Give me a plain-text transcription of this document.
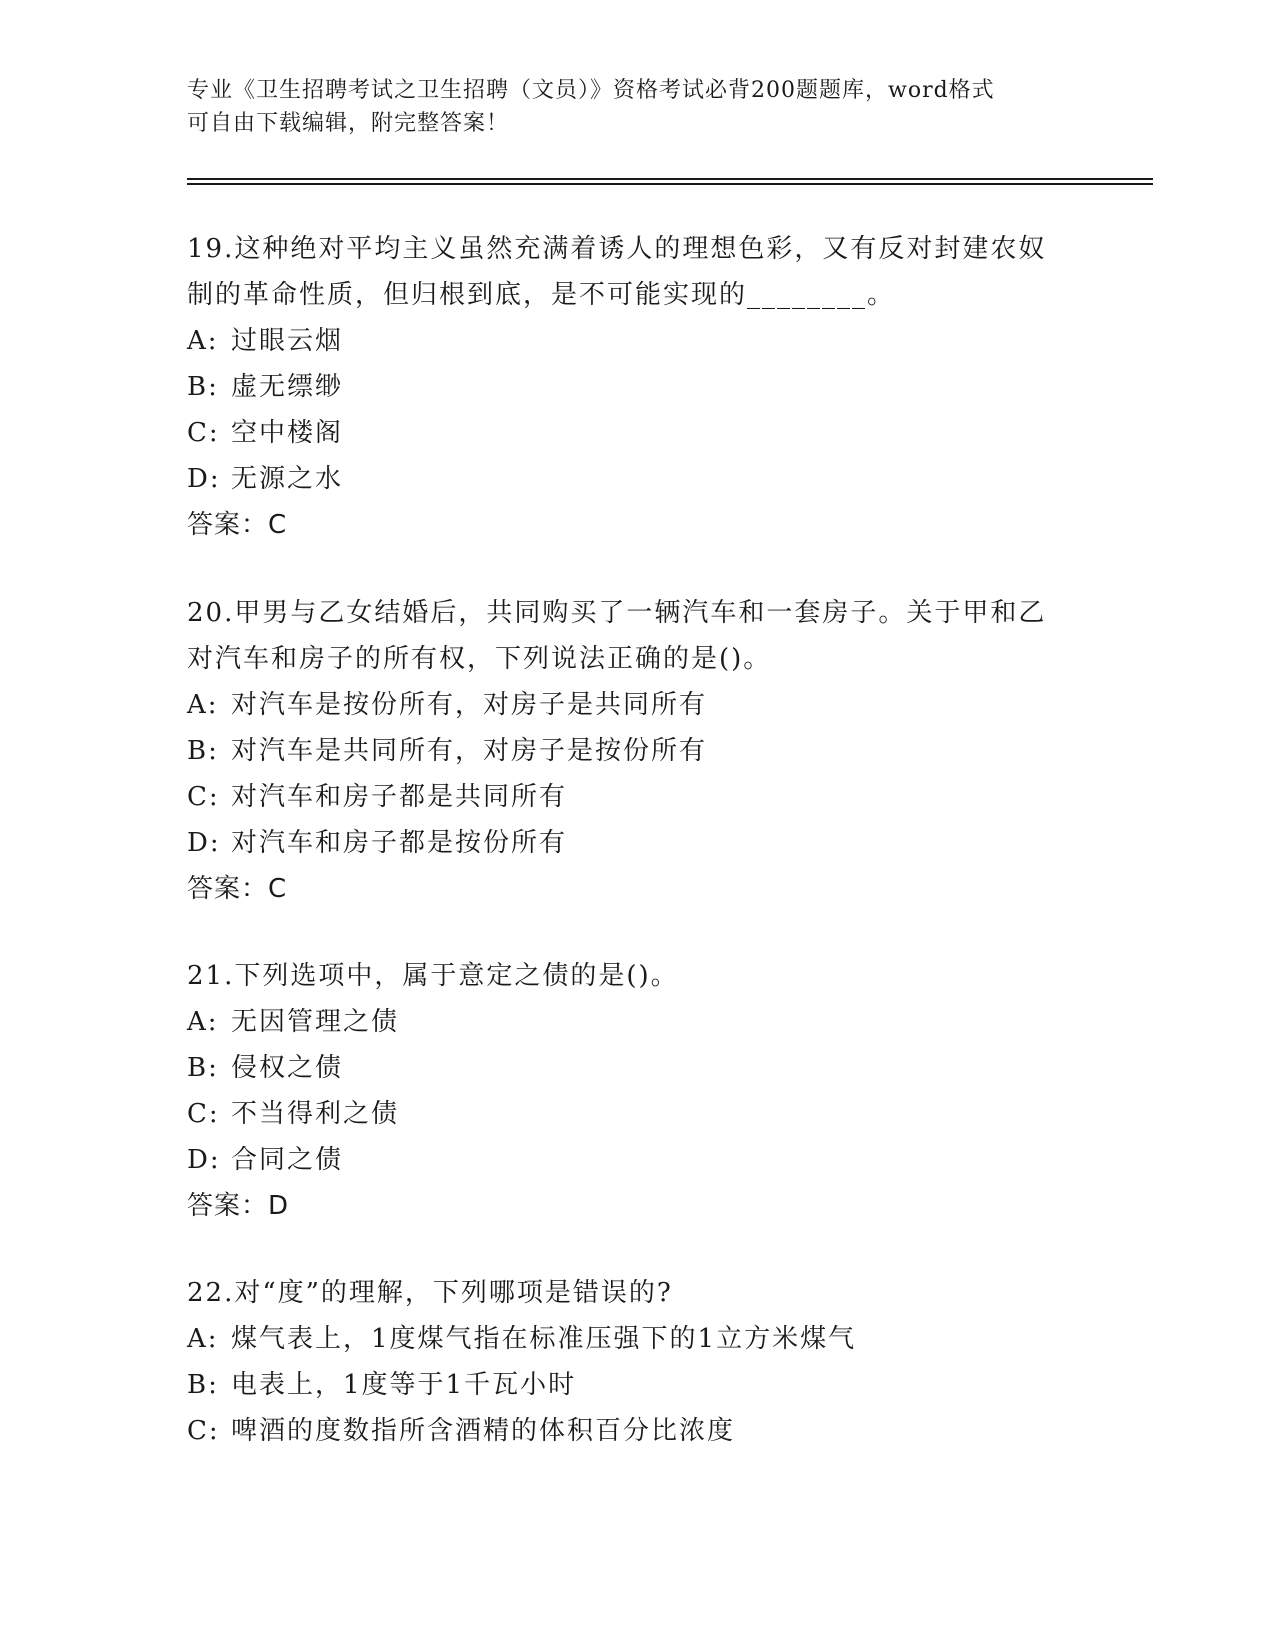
专业《卫生招聘考试之卫生招聘（文员）》资格考试必背200题题库，word格式
可自由下载编辑，附完整答案！

19.这种绝对平均主义虽然充满着诱人的理想色彩，又有反对封建农奴

制的革命性质，但归根到底，是不可能实现的________。

A: 过眼云烟

B: 虚无缥缈

C: 空中楼阁

D: 无源之水

答案：C

20.甲男与乙女结婚后，共同购买了一辆汽车和一套房子。关于甲和乙

对汽车和房子的所有权，下列说法正确的是()。

A: 对汽车是按份所有，对房子是共同所有

B: 对汽车是共同所有，对房子是按份所有

C: 对汽车和房子都是共同所有

D: 对汽车和房子都是按份所有

答案：C

21.下列选项中，属于意定之债的是()。

A: 无因管理之债

B: 侵权之债

C: 不当得利之债

D: 合同之债

答案：D

22.对“度”的理解，下列哪项是错误的?

A: 煤气表上，1度煤气指在标准压强下的1立方米煤气

B: 电表上，1度等于1千瓦小时

C: 啤酒的度数指所含酒精的体积百分比浓度
